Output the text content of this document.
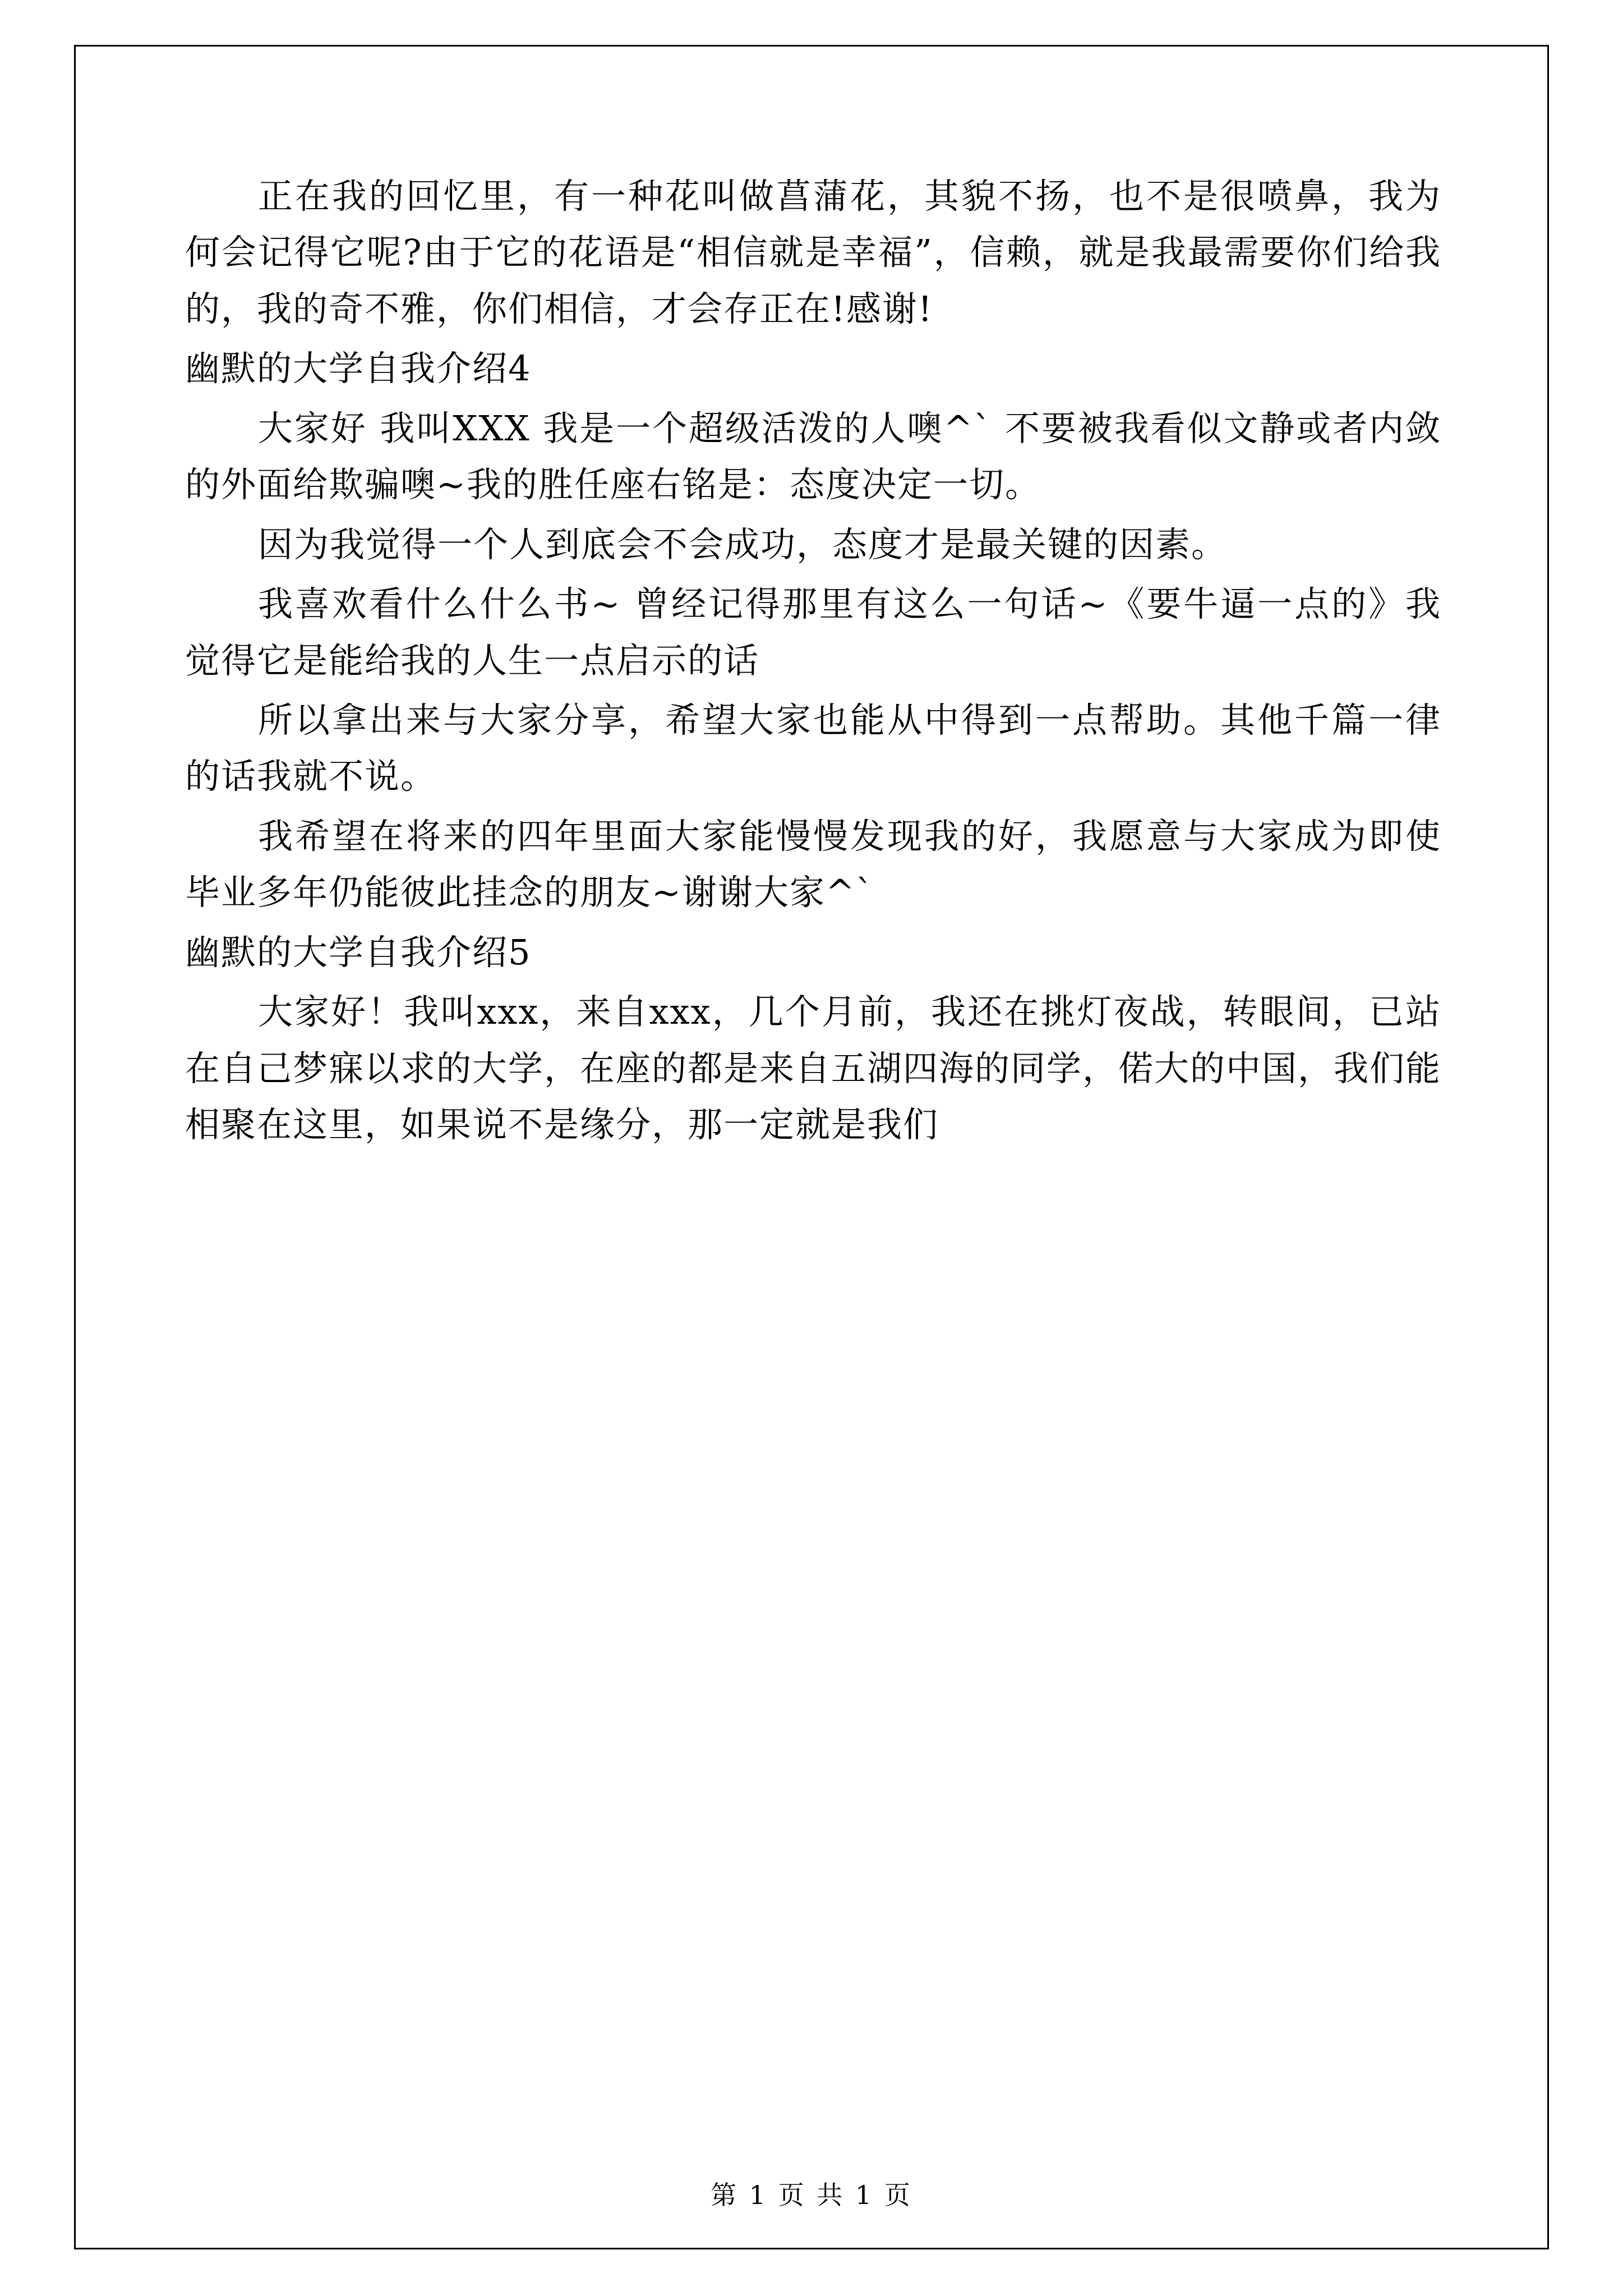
正在我的回忆里，有一种花叫做菖蒲花，其貌不扬，也不是很喷鼻，我为何会记得它呢?由于它的花语是“相信就是幸福”，信赖，就是我最需要你们给我的，我的奇不雅，你们相信，才会存正在!感谢!

幽默的大学自我介绍4

大家好 我叫XXX 我是一个超级活泼的人噢^` 不要被我看似文静或者内敛的外面给欺骗噢~我的胜任座右铭是：态度决定一切。

因为我觉得一个人到底会不会成功，态度才是最关键的因素。

我喜欢看什么什么书~ 曾经记得那里有这么一句话~《要牛逼一点的》我觉得它是能给我的人生一点启示的话

所以拿出来与大家分享，希望大家也能从中得到一点帮助。其他千篇一律的话我就不说。

我希望在将来的四年里面大家能慢慢发现我的好，我愿意与大家成为即使毕业多年仍能彼此挂念的朋友~谢谢大家^`

幽默的大学自我介绍5

大家好！我叫xxx，来自xxx，几个月前，我还在挑灯夜战，转眼间，已站在自己梦寐以求的大学，在座的都是来自五湖四海的同学，偌大的中国，我们能相聚在这里，如果说不是缘分，那一定就是我们

第 1 页 共 1 页
